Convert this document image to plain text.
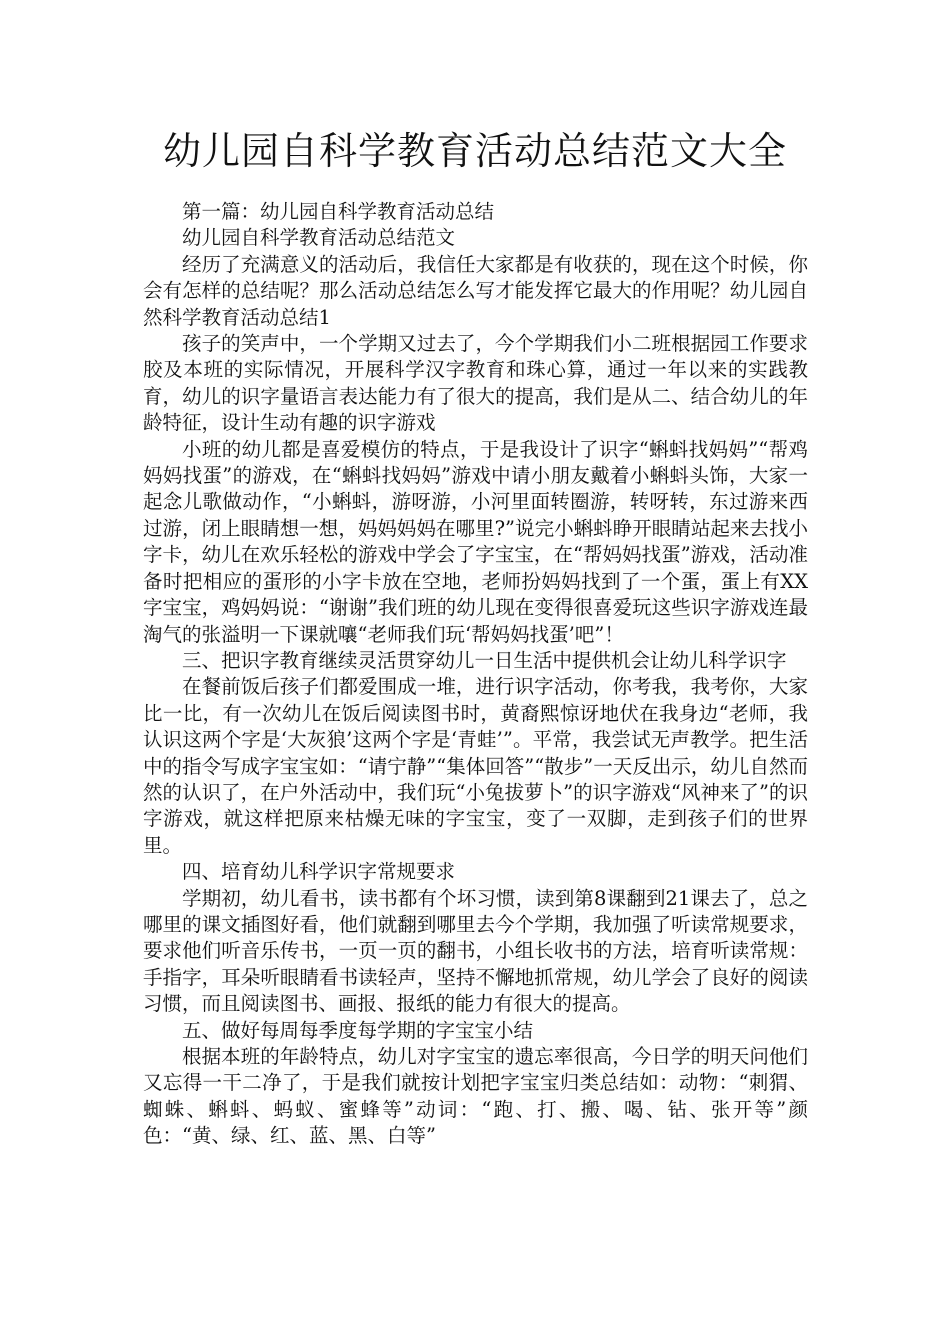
幼儿园自科学教育活动总结范文大全

第一篇：幼儿园自科学教育活动总结

幼儿园自科学教育活动总结范文

经历了充满意义的活动后，我信任大家都是有收获的，现在这个时候，你会有怎样的总结呢？那么活动总结怎么写才能发挥它最大的作用呢？幼儿园自然科学教育活动总结1

孩子的笑声中，一个学期又过去了，今个学期我们小二班根据园工作要求胶及本班的实际情况，开展科学汉字教育和珠心算，通过一年以来的实践教育，幼儿的识字量语言表达能力有了很大的提高，我们是从二、结合幼儿的年龄特征，设计生动有趣的识字游戏

小班的幼儿都是喜爱模仿的特点，于是我设计了识字“蝌蚪找妈妈”“帮鸡妈妈找蛋”的游戏，在“蝌蚪找妈妈”游戏中请小朋友戴着小蝌蚪头饰，大家一起念儿歌做动作，“小蝌蚪，游呀游，小河里面转圈游，转呀转，东过游来西过游，闭上眼睛想一想，妈妈妈妈在哪里?”说完小蝌蚪睁开眼睛站起来去找小字卡，幼儿在欢乐轻松的游戏中学会了字宝宝，在“帮妈妈找蛋”游戏，活动准备时把相应的蛋形的小字卡放在空地，老师扮妈妈找到了一个蛋，蛋上有XX字宝宝，鸡妈妈说：“谢谢”我们班的幼儿现在变得很喜爱玩这些识字游戏连最淘气的张溢明一下课就嚷“老师我们玩‘帮妈妈找蛋’吧”！

三、把识字教育继续灵活贯穿幼儿一日生活中提供机会让幼儿科学识字

在餐前饭后孩子们都爱围成一堆，进行识字活动，你考我，我考你，大家比一比，有一次幼儿在饭后阅读图书时，黄裔熙惊讶地伏在我身边“老师，我认识这两个字是‘大灰狼’这两个字是‘青蛙’”。平常，我尝试无声教学。把生活中的指令写成字宝宝如：“请宁静”“集体回答”“散步”一天反出示，幼儿自然而然的认识了，在户外活动中，我们玩“小兔拔萝卜”的识字游戏“风神来了”的识字游戏，就这样把原来枯燥无味的字宝宝，变了一双脚，走到孩子们的世界里。

四、培育幼儿科学识字常规要求

学期初，幼儿看书，读书都有个坏习惯，读到第8课翻到21课去了，总之哪里的课文插图好看，他们就翻到哪里去今个学期，我加强了听读常规要求，要求他们听音乐传书，一页一页的翻书，小组长收书的方法，培育听读常规：手指字，耳朵听眼睛看书读轻声，坚持不懈地抓常规，幼儿学会了良好的阅读习惯，而且阅读图书、画报、报纸的能力有很大的提高。

五、做好每周每季度每学期的字宝宝小结

根据本班的年龄特点，幼儿对字宝宝的遗忘率很高，今日学的明天问他们又忘得一干二净了，于是我们就按计划把字宝宝归类总结如：动物：“刺猬、蜘蛛、蝌蚪、蚂蚁、蜜蜂等”动词：“跑、打、搬、喝、钻、张开等”颜色：“黄、绿、红、蓝、黑、白等”
